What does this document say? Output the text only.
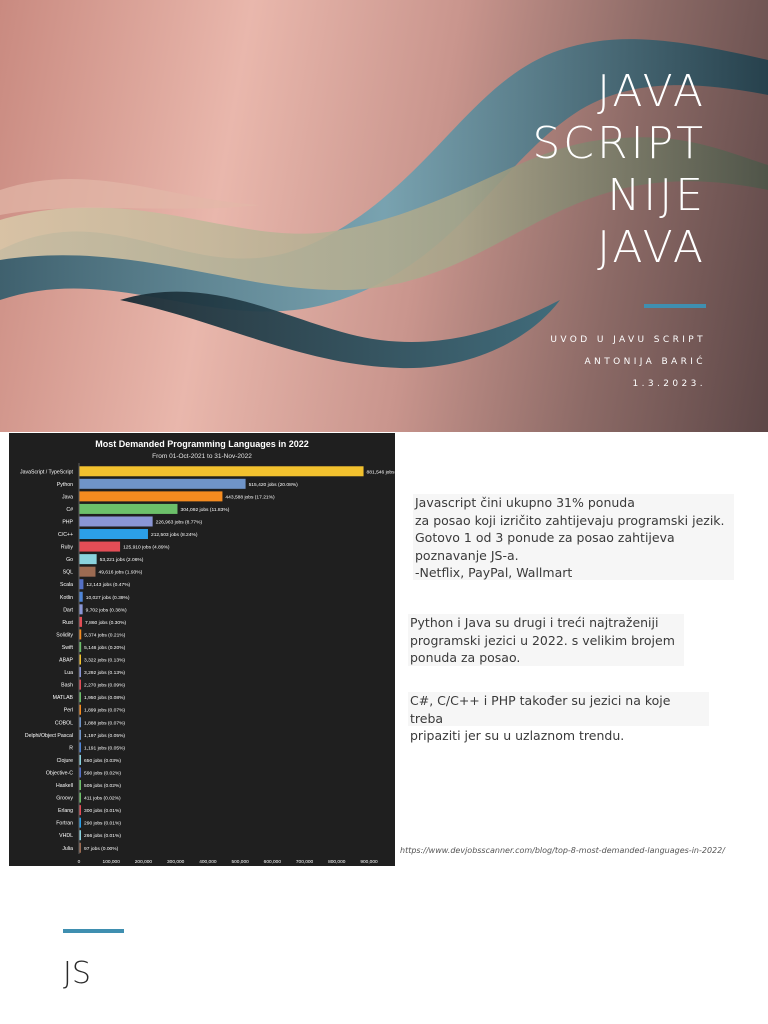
JAVA
SCRIPT
NIJE
JAVA
UVOD U JAVU SCRIPT
ANTONIJA BARIĆ
1.3.2023.
Most Demanded Programming Languages in 2022
From 01-Oct-2021 to 31-Nov-2022
JavaScript / TypeScript	881,546 jobs (31.19%)
Python	515,420 jobs (20.08%)
Java	443,588 jobs (17.21%)
C#	304,092 jobs (11.83%)
PHP	226,963 jobs (8.77%)
C/C++	212,503 jobs (8.24%)
Ruby	125,910 jobs (4.89%)
Go	53,221 jobs (2.06%)
SQL	49,616 jobs (1.93%)
Scala	12,143 jobs (0.47%)
Kotlin	10,027 jobs (0.39%)
Dart	9,702 jobs (0.38%)
Rust 7,860 jobs (0.30%)
Solidity 5,374 jobs (0.21%)
Swift 5,146 jobs (0.20%)
ABAP 3,322 jobs (0.13%)
Lua 3,292 jobs (0.13%)
Bash 2,270 jobs (0.09%)
MATLAB 1,950 jobs (0.08%)
Perl 1,899 jobs (0.07%)
COBOL 1,888 jobs (0.07%)
Delphi/Object Pascal 1,197 jobs (0.05%)
R 1,191 jobs (0.05%)
Clojure 650 jobs (0.03%)
Objective-C 590 jobs (0.02%)
Haskell 505 jobs (0.02%)
Groovy 411 jobs (0.02%)
Erlang 300 jobs (0.01%)
Fortran 290 jobs (0.01%)
VHDL 266 jobs (0.01%)
Julia 97 jobs (0.00%)
0	100,000	200,000	300,000	400,000	500,000	600,000	700,000	800,000	900,000
Javascript čini ukupno 31% ponuda
za posao koji izričito zahtijevaju programski jezik.
Gotovo 1 od 3 ponude za posao zahtijeva
poznavanje JS-a.
-Netflix, PayPal, Wallmart
Python i Java su drugi i treći najtraženiji
programski jezici u 2022. s velikim brojem
ponuda za posao.
C#, C/C++ i PHP također su jezici na koje treba
pripaziti jer su u uzlaznom trendu.
https://www.devjobsscanner.com/blog/top-8-most-demanded-languages-in-2022/
JS
